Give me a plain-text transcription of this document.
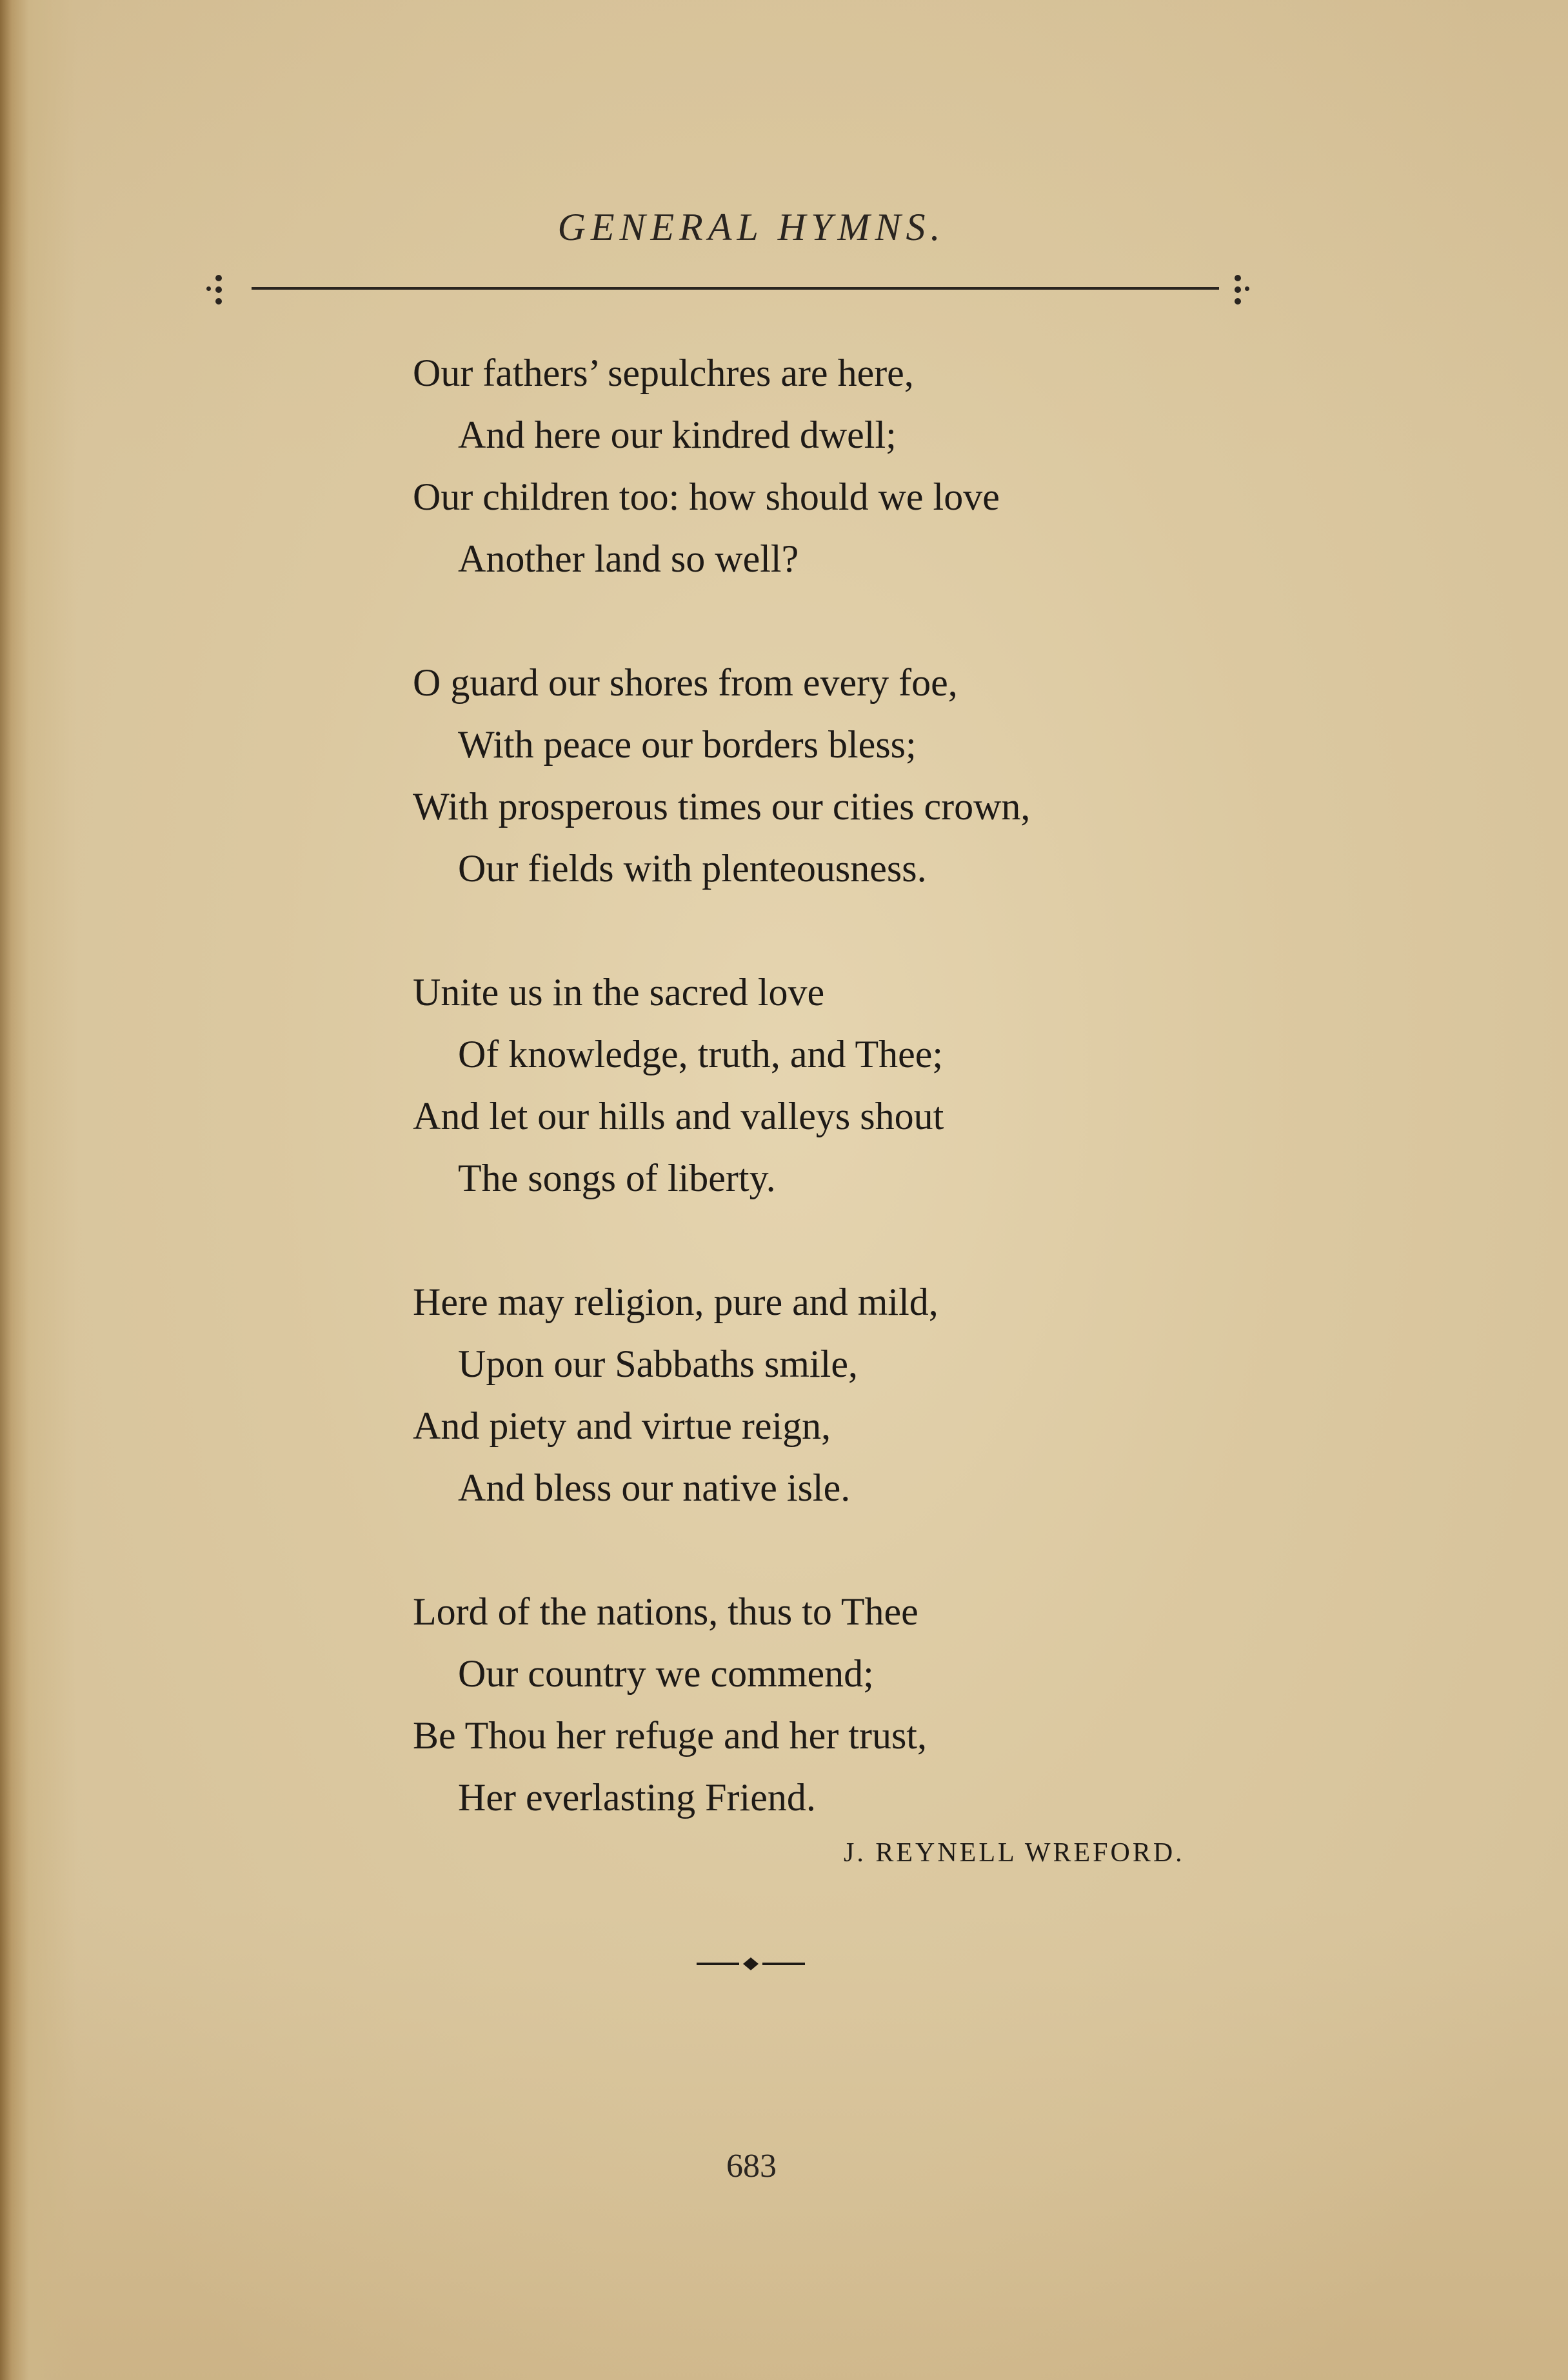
GENERAL HYMNS.
Our fathers’ sepulchres are here,
And here our kindred dwell;
Our children too: how should we love
Another land so well?
O guard our shores from every foe,
With peace our borders bless;
With prosperous times our cities crown,
Our fields with plenteousness.
Unite us in the sacred love
Of knowledge, truth, and Thee;
And let our hills and valleys shout
The songs of liberty.
Here may religion, pure and mild,
Upon our Sabbaths smile,
And piety and virtue reign,
And bless our native isle.
Lord of the nations, thus to Thee
Our country we commend;
Be Thou her refuge and her trust,
Her everlasting Friend.
J. REYNELL WREFORD.
683
